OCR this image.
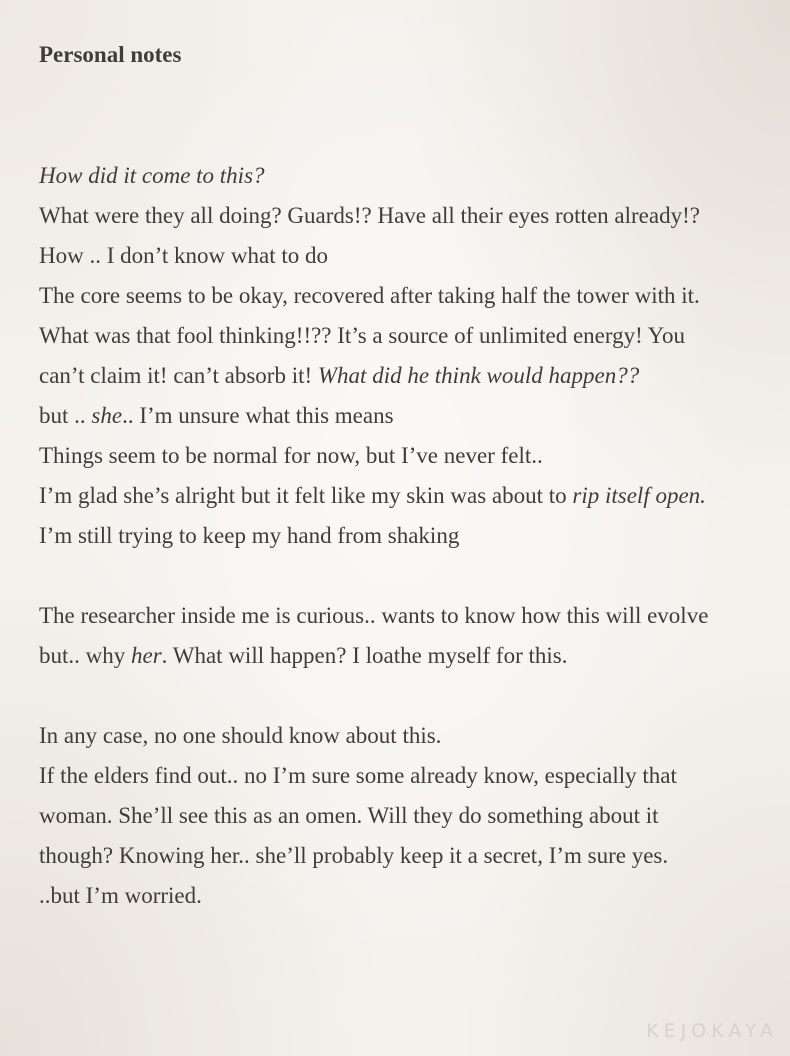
Personal notes
How did it come to this?
What were they all doing? Guards!? Have all their eyes rotten already!?
How .. I don’t know what to do
The core seems to be okay, recovered after taking half the tower with it.
What was that fool thinking!!?? It’s a source of unlimited energy! You
can’t claim it! can’t absorb it! What did he think would happen??
but .. she.. I’m unsure what this means
Things seem to be normal for now, but I’ve never felt..
I’m glad she’s alright but it felt like my skin was about to rip itself open.
I’m still trying to keep my hand from shaking
The researcher inside me is curious.. wants to know how this will evolve
but.. why her. What will happen? I loathe myself for this.
In any case, no one should know about this.
If the elders find out.. no I’m sure some already know, especially that
woman. She’ll see this as an omen. Will they do something about it
though? Knowing her.. she’ll probably keep it a secret, I’m sure yes.
..but I’m worried.
KEJOKAYA
